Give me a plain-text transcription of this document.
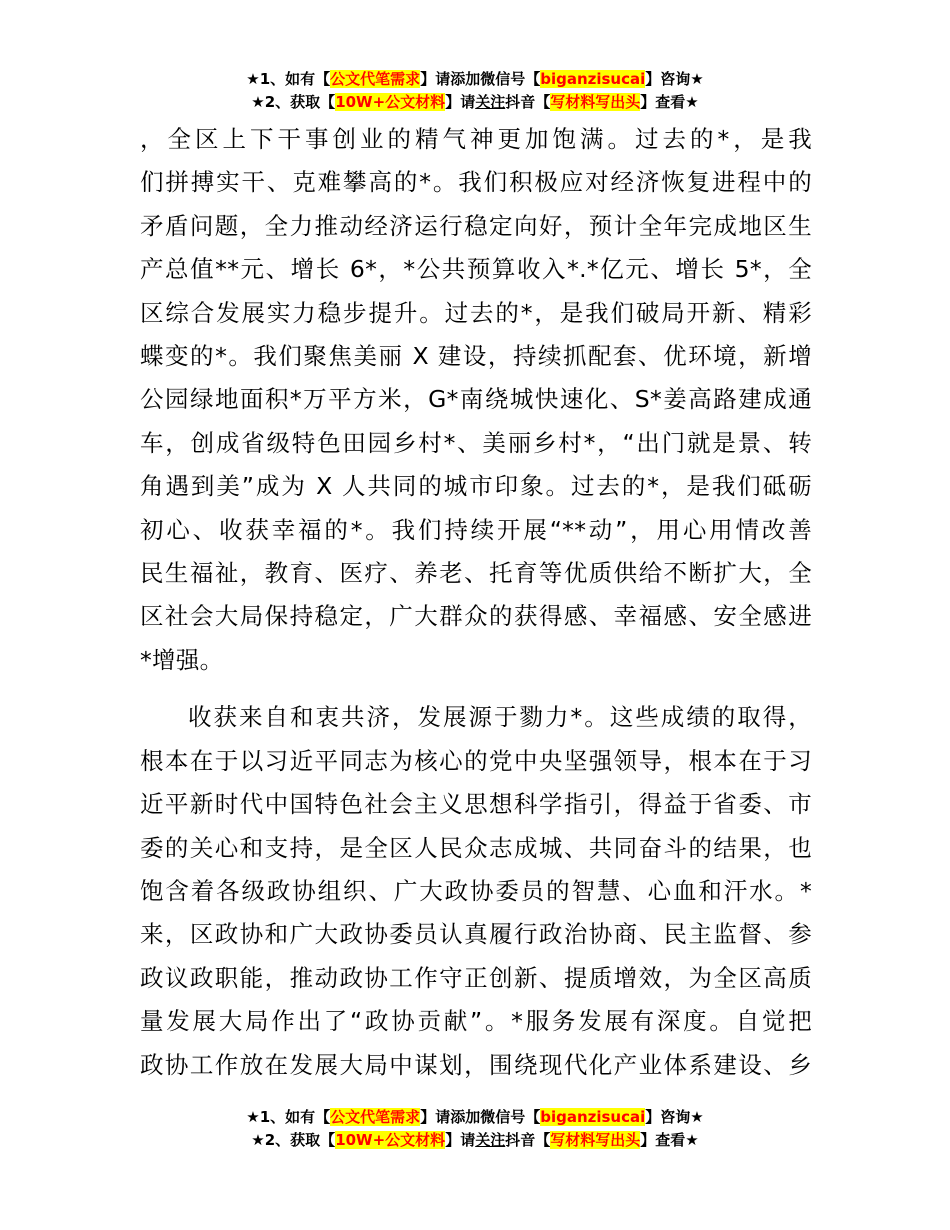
★1、如有【公文代笔需求】请添加微信号【biganzisucai】咨询★
★2、获取【10W+公文材料】请关注抖音【写材料写出头】查看★

，全区上下干事创业的精气神更加饱满。过去的*，是我
们拼搏实干、克难攀高的*。我们积极应对经济恢复进程中的
矛盾问题，全力推动经济运行稳定向好，预计全年完成地区生
产总值**元、增长 6*，*公共预算收入*.*亿元、增长 5*，全
区综合发展实力稳步提升。过去的*，是我们破局开新、精彩
蝶变的*。我们聚焦美丽 X 建设，持续抓配套、优环境，新增
公园绿地面积*万平方米，G*南绕城快速化、S*姜高路建成通
车，创成省级特色田园乡村*、美丽乡村*，“出门就是景、转
角遇到美”成为 X 人共同的城市印象。过去的*，是我们砥砺
初心、收获幸福的*。我们持续开展“**动”，用心用情改善
民生福祉，教育、医疗、养老、托育等优质供给不断扩大，全
区社会大局保持稳定，广大群众的获得感、幸福感、安全感进
*增强。

收获来自和衷共济，发展源于勠力*。这些成绩的取得，
根本在于以习近平同志为核心的党中央坚强领导，根本在于习
近平新时代中国特色社会主义思想科学指引，得益于省委、市
委的关心和支持，是全区人民众志成城、共同奋斗的结果，也
饱含着各级政协组织、广大政协委员的智慧、心血和汗水。*
来，区政协和广大政协委员认真履行政治协商、民主监督、参
政议政职能，推动政协工作守正创新、提质增效，为全区高质
量发展大局作出了“政协贡献”。*服务发展有深度。自觉把
政协工作放在发展大局中谋划，围绕现代化产业体系建设、乡

★1、如有【公文代笔需求】请添加微信号【biganzisucai】咨询★
★2、获取【10W+公文材料】请关注抖音【写材料写出头】查看★
